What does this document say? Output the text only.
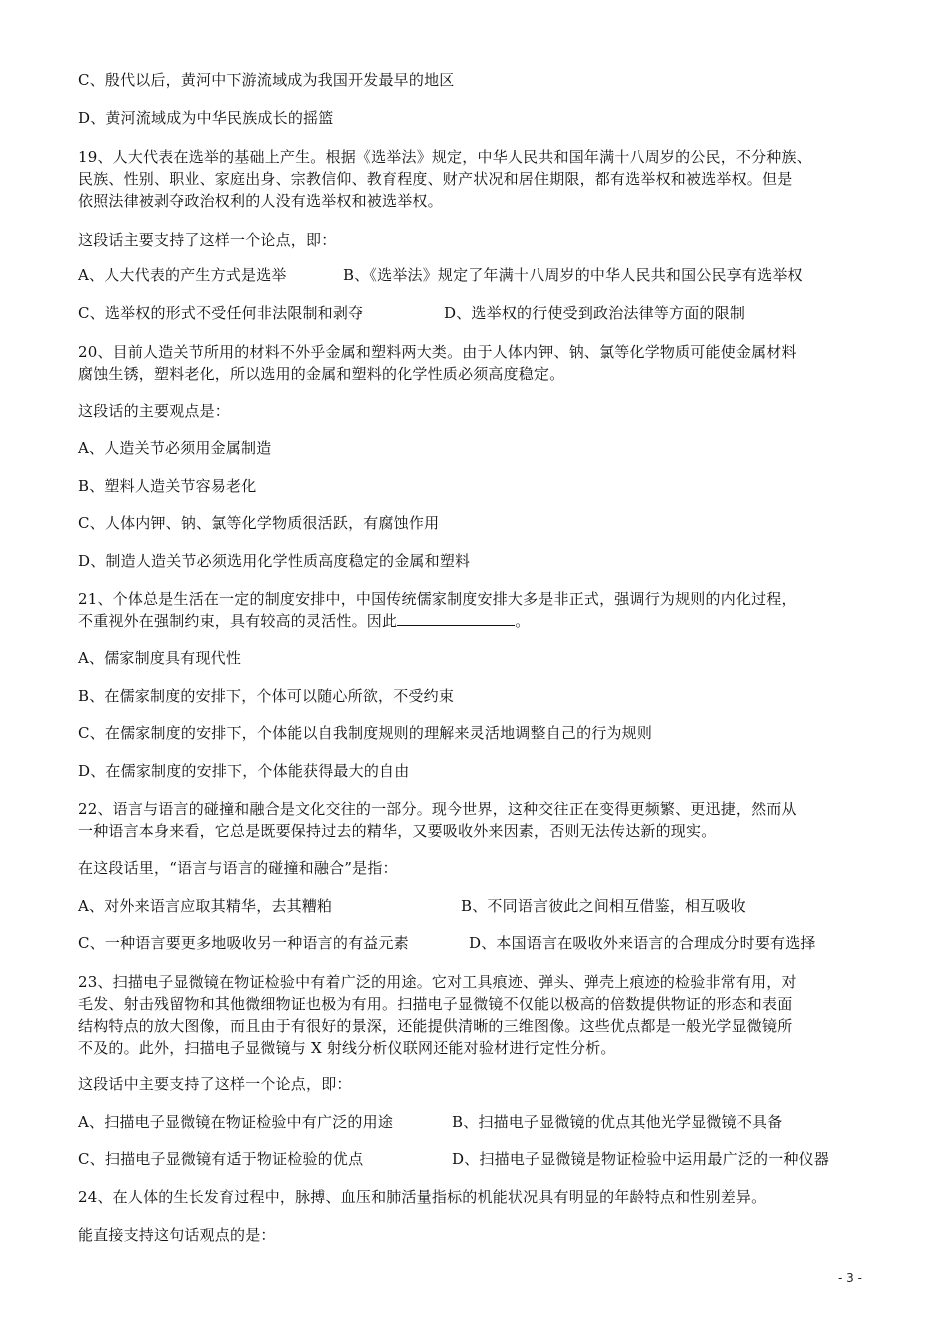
C、殷代以后，黄河中下游流域成为我国开发最早的地区
D、黄河流域成为中华民族成长的摇篮
19、人大代表在选举的基础上产生。根据《选举法》规定，中华人民共和国年满十八周岁的公民，不分种族、
民族、性别、职业、家庭出身、宗教信仰、教育程度、财产状况和居住期限，都有选举权和被选举权。但是
依照法律被剥夺政治权利的人没有选举权和被选举权。
这段话主要支持了这样一个论点，即：
A、人大代表的产生方式是选举	B、《选举法》规定了年满十八周岁的中华人民共和国公民享有选举权
C、选举权的形式不受任何非法限制和剥夺	D、选举权的行使受到政治法律等方面的限制
20、目前人造关节所用的材料不外乎金属和塑料两大类。由于人体内钾、钠、氯等化学物质可能使金属材料
腐蚀生锈，塑料老化，所以选用的金属和塑料的化学性质必须高度稳定。
这段话的主要观点是：
A、人造关节必须用金属制造
B、塑料人造关节容易老化
C、人体内钾、钠、氯等化学物质很活跃，有腐蚀作用
D、制造人造关节必须选用化学性质高度稳定的金属和塑料
21、个体总是生活在一定的制度安排中，中国传统儒家制度安排大多是非正式，强调行为规则的内化过程，
不重视外在强制约束，具有较高的灵活性。因此	。
A、儒家制度具有现代性
B、在儒家制度的安排下，个体可以随心所欲，不受约束
C、在儒家制度的安排下，个体能以自我制度规则的理解来灵活地调整自己的行为规则
D、在儒家制度的安排下，个体能获得最大的自由
22、语言与语言的碰撞和融合是文化交往的一部分。现今世界，这种交往正在变得更频繁、更迅捷，然而从
一种语言本身来看，它总是既要保持过去的精华，又要吸收外来因素，否则无法传达新的现实。
在这段话里，“语言与语言的碰撞和融合”是指：
A、对外来语言应取其精华，去其糟粕	B、不同语言彼此之间相互借鉴，相互吸收
C、一种语言要更多地吸收另一种语言的有益元素	D、本国语言在吸收外来语言的合理成分时要有选择
23、扫描电子显微镜在物证检验中有着广泛的用途。它对工具痕迹、弹头、弹壳上痕迹的检验非常有用，对
毛发、射击残留物和其他微细物证也极为有用。扫描电子显微镜不仅能以极高的倍数提供物证的形态和表面
结构特点的放大图像，而且由于有很好的景深，还能提供清晰的三维图像。这些优点都是一般光学显微镜所
不及的。此外，扫描电子显微镜与 X 射线分析仪联网还能对验材进行定性分析。
这段话中主要支持了这样一个论点，即：
A、扫描电子显微镜在物证检验中有广泛的用途	B、扫描电子显微镜的优点其他光学显微镜不具备
C、扫描电子显微镜有适于物证检验的优点	D、扫描电子显微镜是物证检验中运用最广泛的一种仪器
24、在人体的生长发育过程中，脉搏、血压和肺活量指标的机能状况具有明显的年龄特点和性别差异。
能直接支持这句话观点的是：
- 3 -
